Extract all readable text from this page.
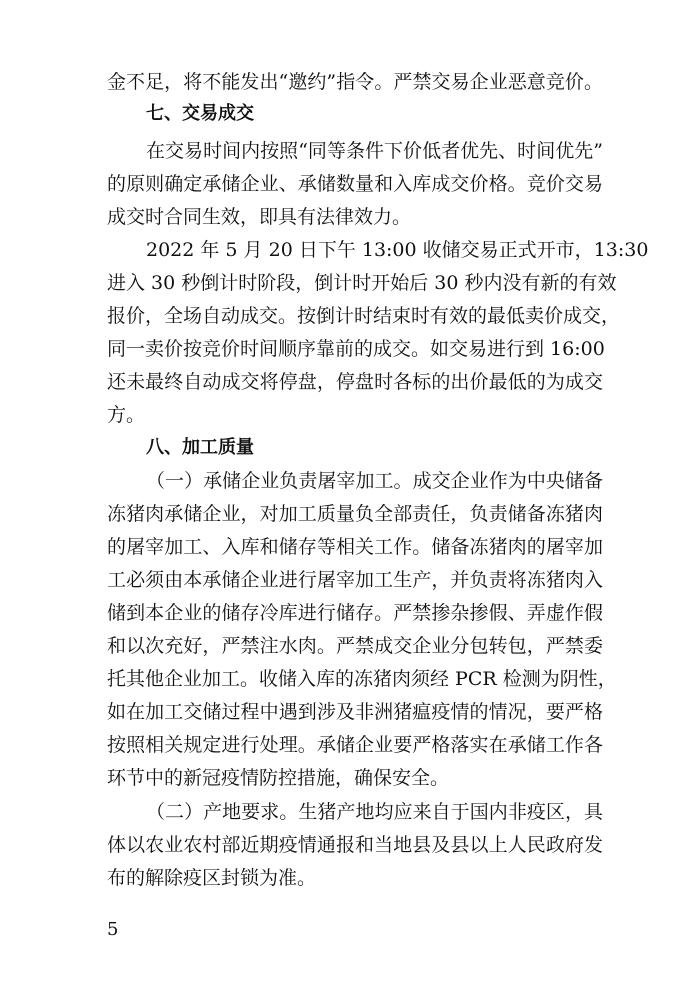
金不足，将不能发出“邀约”指令。严禁交易企业恶意竞价。
七、交易成交
在交易时间内按照“同等条件下价低者优先、时间优先”
的原则确定承储企业、承储数量和入库成交价格。竞价交易
成交时合同生效，即具有法律效力。
2022 年 5 月 20 日下午 13:00 收储交易正式开市，13:30
进入 30 秒倒计时阶段，倒计时开始后 30 秒内没有新的有效
报价，全场自动成交。按倒计时结束时有效的最低卖价成交，
同一卖价按竞价时间顺序靠前的成交。如交易进行到 16:00
还未最终自动成交将停盘，停盘时各标的出价最低的为成交
方。
八、加工质量
（一）承储企业负责屠宰加工。成交企业作为中央储备
冻猪肉承储企业，对加工质量负全部责任，负责储备冻猪肉
的屠宰加工、入库和储存等相关工作。储备冻猪肉的屠宰加
工必须由本承储企业进行屠宰加工生产，并负责将冻猪肉入
储到本企业的储存冷库进行储存。严禁掺杂掺假、弄虚作假
和以次充好，严禁注水肉。严禁成交企业分包转包，严禁委
托其他企业加工。收储入库的冻猪肉须经 PCR 检测为阴性，
如在加工交储过程中遇到涉及非洲猪瘟疫情的情况，要严格
按照相关规定进行处理。承储企业要严格落实在承储工作各
环节中的新冠疫情防控措施，确保安全。
（二）产地要求。生猪产地均应来自于国内非疫区，具
体以农业农村部近期疫情通报和当地县及县以上人民政府发
布的解除疫区封锁为准。
5
